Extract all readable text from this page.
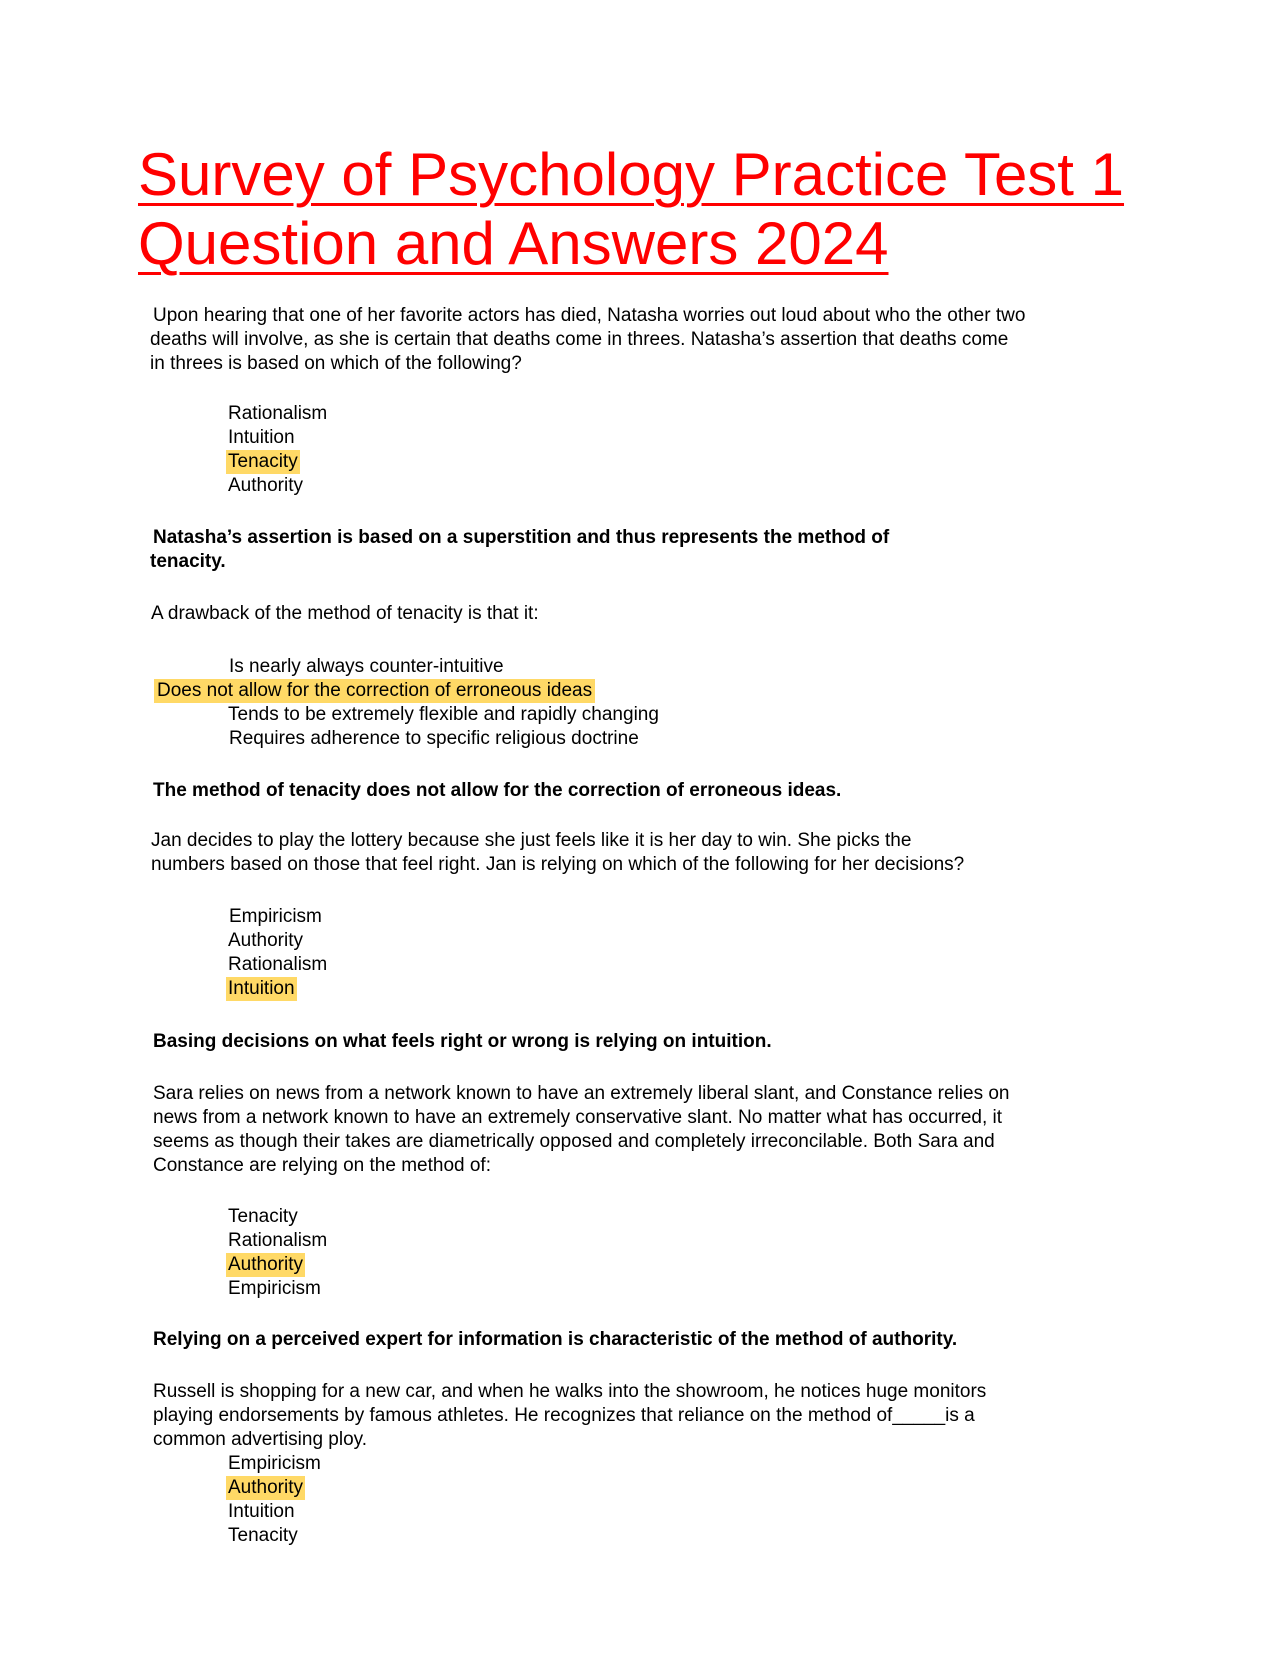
Survey of Psychology Practice Test 1
Question and Answers 2024
Upon hearing that one of her favorite actors has died, Natasha worries out loud about who the other two
deaths will involve, as she is certain that deaths come in threes. Natasha’s assertion that deaths come
in threes is based on which of the following?
Rationalism
Intuition
Tenacity
Authority
Natasha’s assertion is based on a superstition and thus represents the method of
tenacity.
A drawback of the method of tenacity is that it:
Is nearly always counter-intuitive
Does not allow for the correction of erroneous ideas
Tends to be extremely flexible and rapidly changing
Requires adherence to specific religious doctrine
The method of tenacity does not allow for the correction of erroneous ideas.
Jan decides to play the lottery because she just feels like it is her day to win. She picks the
numbers based on those that feel right. Jan is relying on which of the following for her decisions?
Empiricism
Authority
Rationalism
Intuition
Basing decisions on what feels right or wrong is relying on intuition.
Sara relies on news from a network known to have an extremely liberal slant, and Constance relies on
news from a network known to have an extremely conservative slant. No matter what has occurred, it
seems as though their takes are diametrically opposed and completely irreconcilable. Both Sara and
Constance are relying on the method of:
Tenacity
Rationalism
Authority
Empiricism
Relying on a perceived expert for information is characteristic of the method of authority.
Russell is shopping for a new car, and when he walks into the showroom, he notices huge monitors
playing endorsements by famous athletes. He recognizes that reliance on the method of_____is a
common advertising ploy.
Empiricism
Authority
Intuition
Tenacity
